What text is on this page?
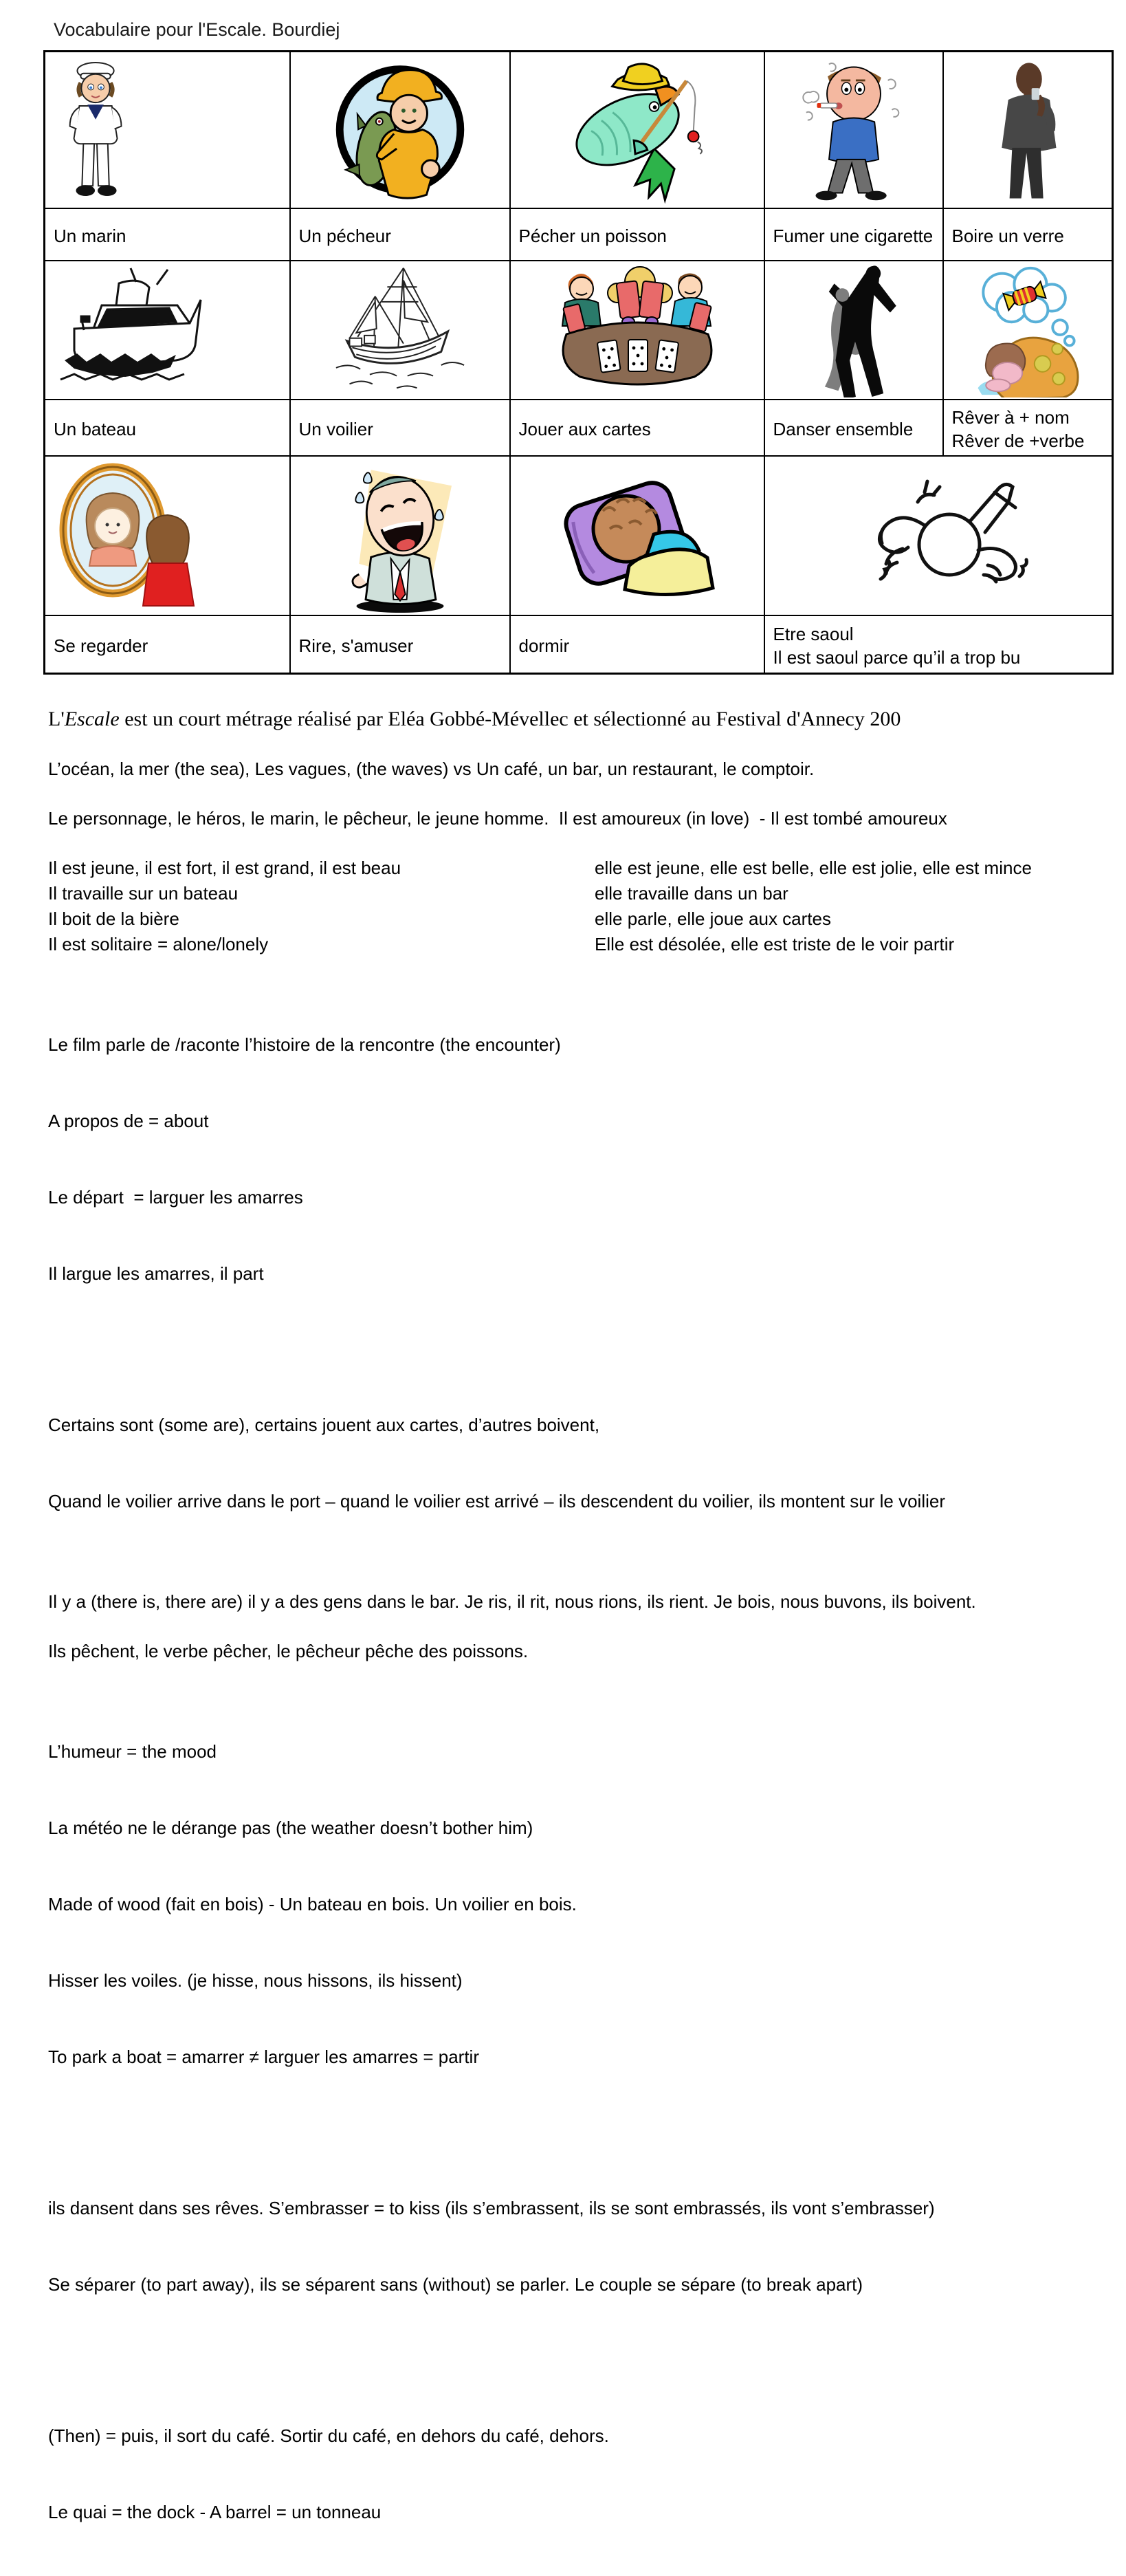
Vocabulaire pour l'Escale. Bourdiej

Un marin	Un pécheur	Pécher un poisson	Fumer une cigarette	Boire un verre

Un bateau	Un voilier	Jouer aux cartes	Danser ensemble	Rêver à + nom
Rêver de +verbe

Se regarder	Rire, s'amuser	dormir	Etre saoul
Il est saoul parce qu’il a trop bu	
L'Escale est un court métrage réalisé par Eléa Gobbé-Mévellec et sélectionné au Festival d'Annecy 200
L’océan, la mer (the sea), Les vagues, (the waves) vs Un café, un bar, un restaurant, le comptoir.
Le personnage, le héros, le marin, le pêcheur, le jeune homme.  Il est amoureux (in love)  - Il est tombé amoureux
Il est jeune, il est fort, il est grand, il est beau	elle est jeune, elle est belle, elle est jolie, elle est mince
Il travaille sur un bateau	elle travaille dans un bar
Il boit de la bière	elle parle, elle joue aux cartes
Il est solitaire = alone/lonely	Elle est désolée, elle est triste de le voir partir

Le film parle de /raconte l’histoire de la rencontre (the encounter)

A propos de = about

Le départ  = larguer les amarres

Il largue les amarres, il part

Certains sont (some are), certains jouent aux cartes, d’autres boivent,

Quand le voilier arrive dans le port – quand le voilier est arrivé – ils descendent du voilier, ils montent sur le voilier

Il y a (there is, there are) il y a des gens dans le bar. Je ris, il rit, nous rions, ils rient. Je bois, nous buvons, ils boivent.
Ils pêchent, le verbe pêcher, le pêcheur pêche des poissons.

L’humeur = the mood

La météo ne le dérange pas (the weather doesn’t bother him)

Made of wood (fait en bois) - Un bateau en bois. Un voilier en bois.

Hisser les voiles. (je hisse, nous hissons, ils hissent)

To park a boat = amarrer ≠ larguer les amarres = partir

ils dansent dans ses rêves. S’embrasser = to kiss (ils s’embrassent, ils se sont embrassés, ils vont s’embrasser)

Se séparer (to part away), ils se séparent sans (without) se parler. Le couple se sépare (to break apart)

(Then) = puis, il sort du café. Sortir du café, en dehors du café, dehors.

Le quai = the dock - A barrel = un tonneau
